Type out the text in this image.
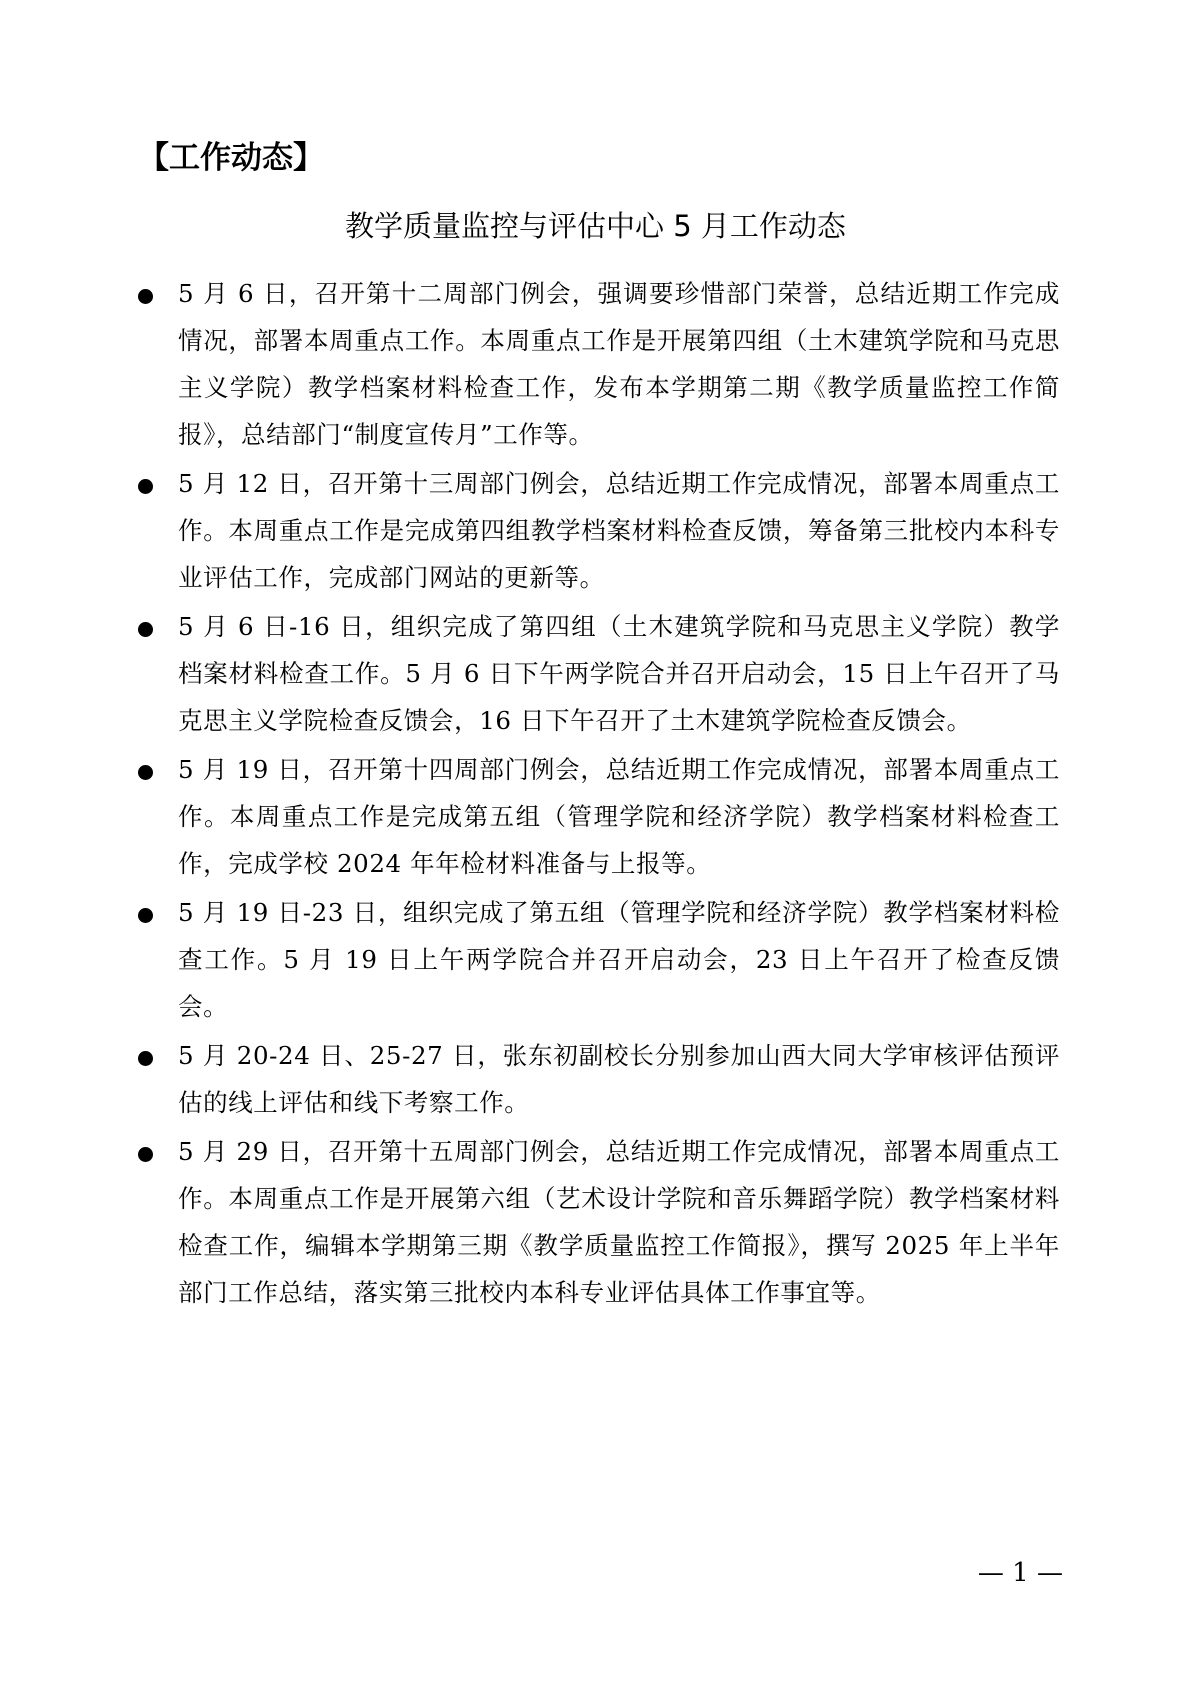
【工作动态】
教学质量监控与评估中心 5 月工作动态
5 月 6 日，召开第十二周部门例会，强调要珍惜部门荣誉，总结近期工作完成情况，部署本周重点工作。本周重点工作是开展第四组（土木建筑学院和马克思主义学院）教学档案材料检查工作，发布本学期第二期《教学质量监控工作简报》，总结部门“制度宣传月”工作等。
5 月 12 日，召开第十三周部门例会，总结近期工作完成情况，部署本周重点工作。本周重点工作是完成第四组教学档案材料检查反馈，筹备第三批校内本科专业评估工作，完成部门网站的更新等。
5 月 6 日-16 日，组织完成了第四组（土木建筑学院和马克思主义学院）教学档案材料检查工作。5 月 6 日下午两学院合并召开启动会，15 日上午召开了马克思主义学院检查反馈会，16 日下午召开了土木建筑学院检查反馈会。
5 月 19 日，召开第十四周部门例会，总结近期工作完成情况，部署本周重点工作。本周重点工作是完成第五组（管理学院和经济学院）教学档案材料检查工作，完成学校 2024 年年检材料准备与上报等。
5 月 19 日-23 日，组织完成了第五组（管理学院和经济学院）教学档案材料检查工作。5 月 19 日上午两学院合并召开启动会，23 日上午召开了检查反馈会。
5 月 20-24 日、25-27 日，张东初副校长分别参加山西大同大学审核评估预评估的线上评估和线下考察工作。
5 月 29 日，召开第十五周部门例会，总结近期工作完成情况，部署本周重点工作。本周重点工作是开展第六组（艺术设计学院和音乐舞蹈学院）教学档案材料检查工作，编辑本学期第三期《教学质量监控工作简报》，撰写 2025 年上半年部门工作总结，落实第三批校内本科专业评估具体工作事宜等。
— 1 —
